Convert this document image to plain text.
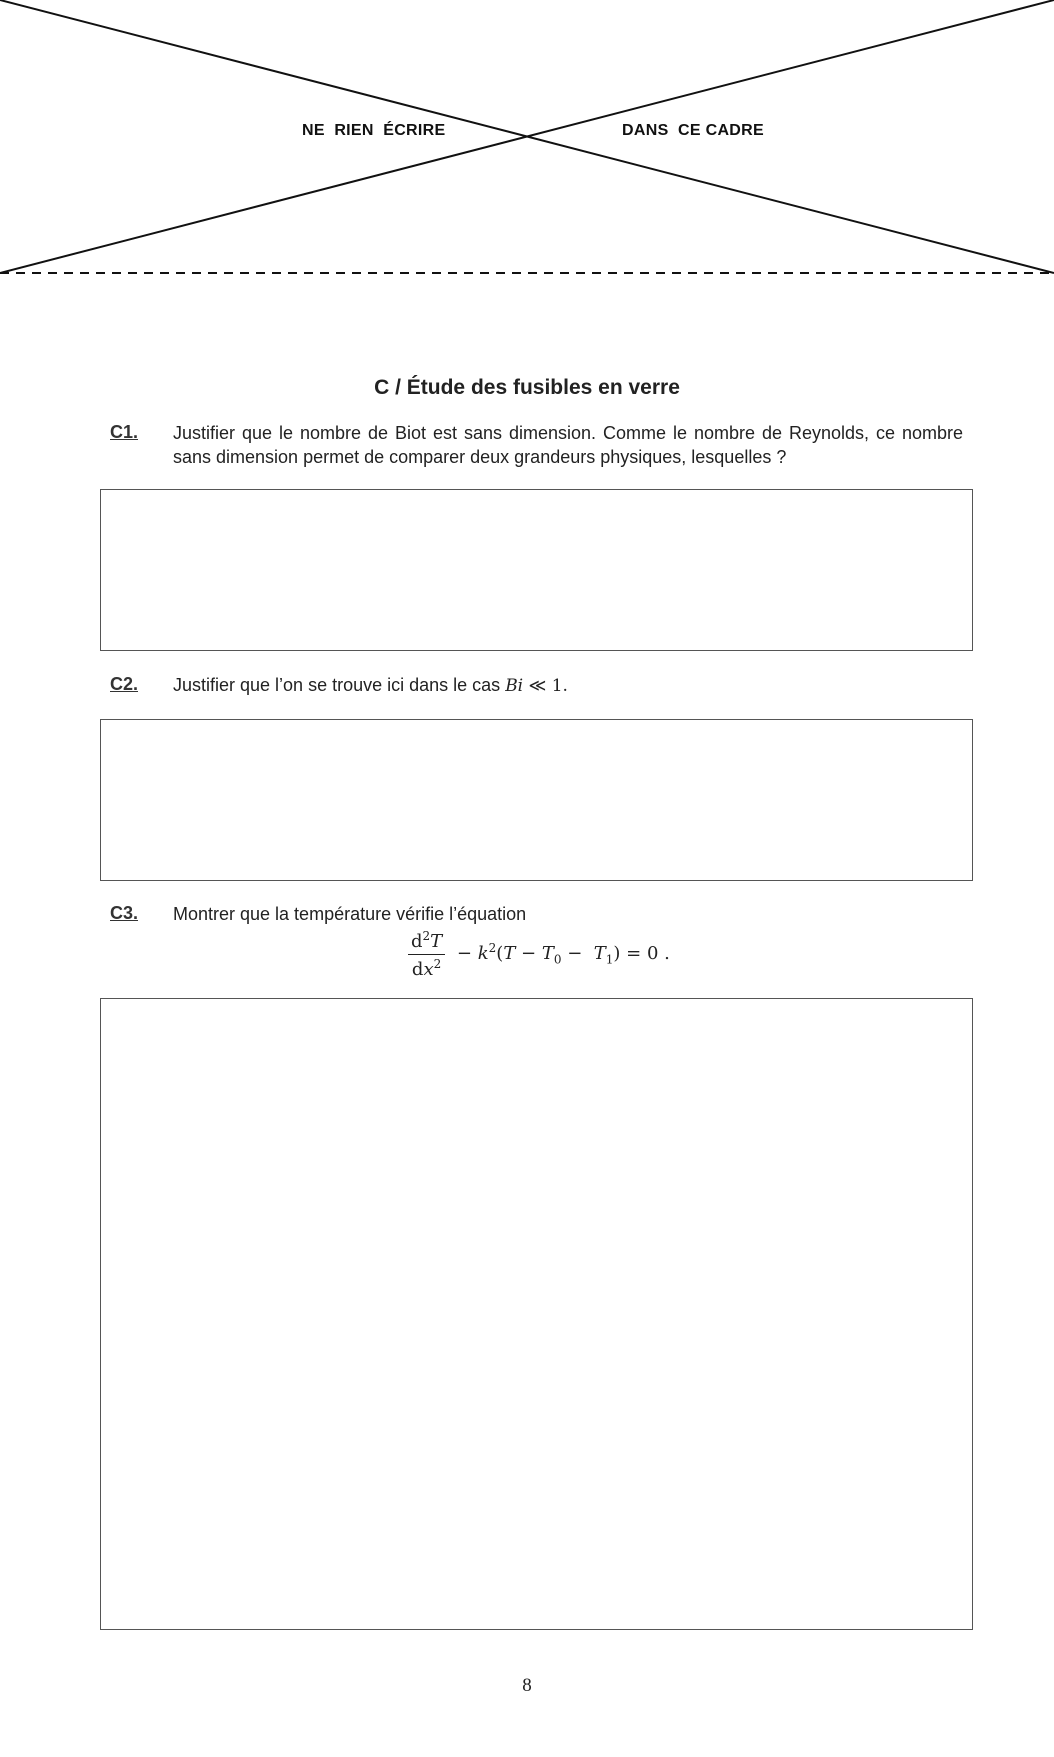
NE  RIEN  ÉCRIRE	DANS  CE CADRE
C / Étude des fusibles en verre
C1. Justifier que le nombre de Biot est sans dimension. Comme le nombre de Reynolds, ce nombre sans dimension permet de comparer deux grandeurs physiques, lesquelles ?
C2. Justifier que l’on se trouve ici dans le cas Bi ≪ 1.
C3. Montrer que la température vérifie l’équation
$\frac{d^2T}{dx^2} - k^2(T - T_0 - T_1) = 0$ .
8
